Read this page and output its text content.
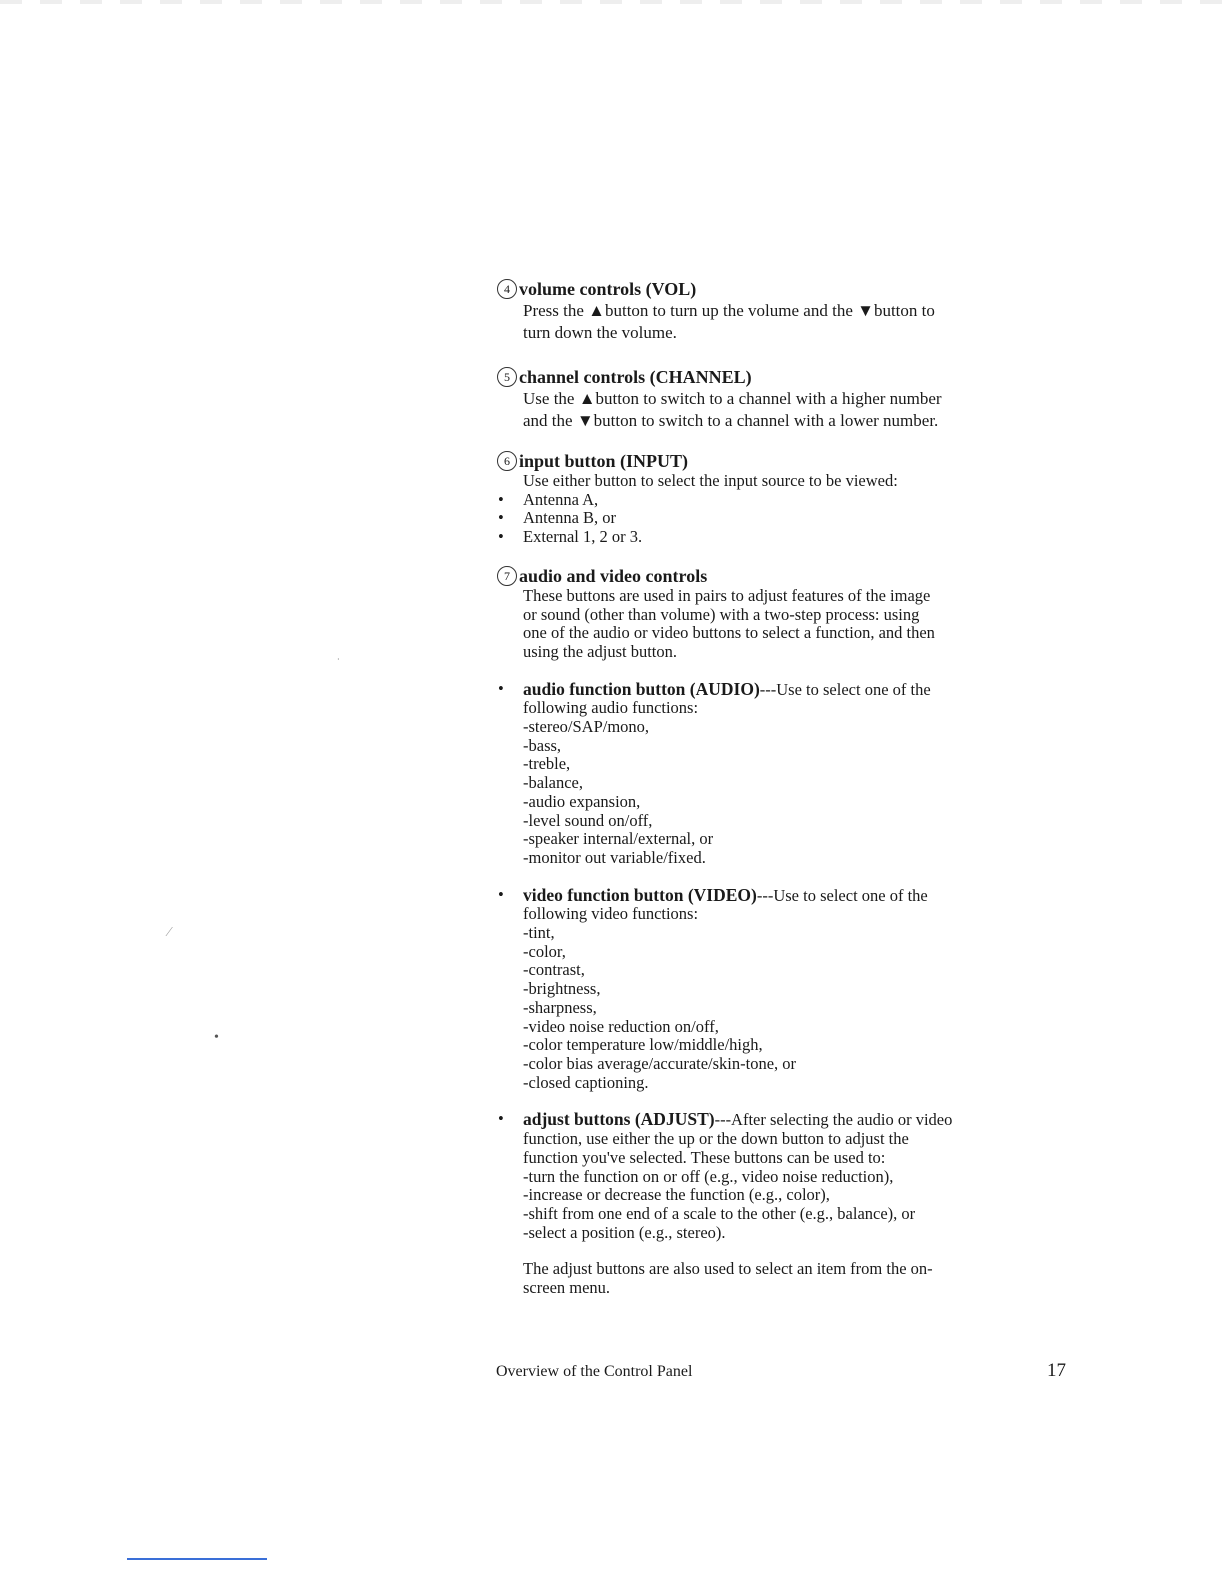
·
⁄
•
4 volume controls (VOL)
Press the ▲button to turn up the volume and the ▼button to
turn down the volume.
5 channel controls (CHANNEL)
Use the ▲button to switch to a channel with a higher number
and the ▼button to switch to a channel with a lower number.
6 input button (INPUT)
Use either button to select the input source to be viewed:
• Antenna A,
• Antenna B, or
• External 1, 2 or 3.
7 audio and video controls
These buttons are used in pairs to adjust features of the image
or sound (other than volume) with a two-step process: using
one of the audio or video buttons to select a function, and then
using the adjust button.
• audio function button (AUDIO)---Use to select one of the
following audio functions:
-stereo/SAP/mono,
-bass,
-treble,
-balance,
-audio expansion,
-level sound on/off,
-speaker internal/external, or
-monitor out variable/fixed.
• video function button (VIDEO)---Use to select one of the
following video functions:
-tint,
-color,
-contrast,
-brightness,
-sharpness,
-video noise reduction on/off,
-color temperature low/middle/high,
-color bias average/accurate/skin-tone, or
-closed captioning.
• adjust buttons (ADJUST)---After selecting the audio or video
function, use either the up or the down button to adjust the
function you've selected. These buttons can be used to:
-turn the function on or off (e.g., video noise reduction),
-increase or decrease the function (e.g., color),
-shift from one end of a scale to the other (e.g., balance), or
-select a position (e.g., stereo).
The adjust buttons are also used to select an item from the on-
screen menu.
Overview of the Control Panel	17
